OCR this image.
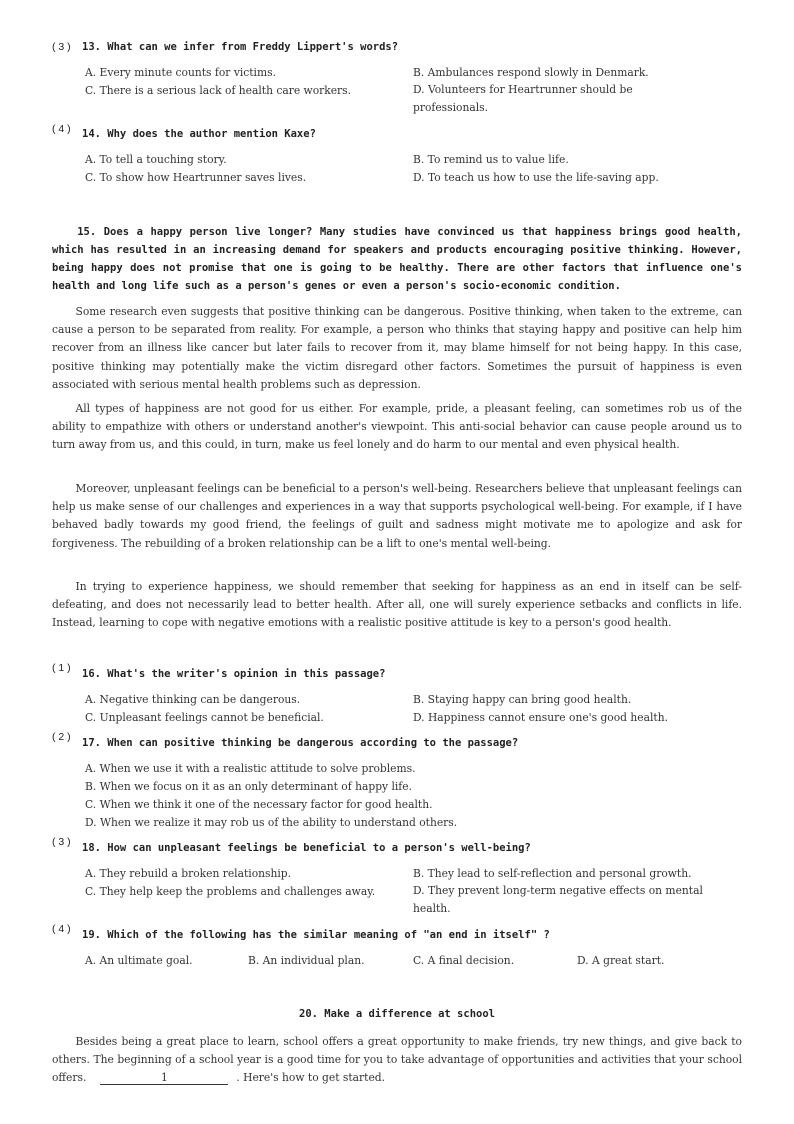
( 3 ) 13. What can we infer from Freddy Lippert's words?
A. Every minute counts for victims.	B. Ambulances respond slowly in Denmark.
C. There is a serious lack of health care workers.	D. Volunteers for Heartrunner should be professionals.
( 4 ) 14. Why does the author mention Kaxe?
A. To tell a touching story.	B. To remind us to value life.
C. To show how Heartrunner saves lives.	D. To teach us how to use the life-saving app.
15. Does a happy person live longer? Many studies have convinced us that happiness brings good health, which has resulted in an increasing demand for speakers and products encouraging positive thinking. However, being happy does not promise that one is going to be healthy. There are other factors that influence one's health and long life such as a person's genes or even a person's socio-economic condition.
Some research even suggests that positive thinking can be dangerous. Positive thinking, when taken to the extreme, can cause a person to be separated from reality. For example, a person who thinks that staying happy and positive can help him recover from an illness like cancer but later fails to recover from it, may blame himself for not being happy. In this case, positive thinking may potentially make the victim disregard other factors. Sometimes the pursuit of happiness is even associated with serious mental health problems such as depression.
All types of happiness are not good for us either. For example, pride, a pleasant feeling, can sometimes rob us of the ability to empathize with others or understand another's viewpoint. This anti-social behavior can cause people around us to turn away from us, and this could, in turn, make us feel lonely and do harm to our mental and even physical health.
Moreover, unpleasant feelings can be beneficial to a person's well-being. Researchers believe that unpleasant feelings can help us make sense of our challenges and experiences in a way that supports psychological well-being. For example, if I have behaved badly towards my good friend, the feelings of guilt and sadness might motivate me to apologize and ask for forgiveness. The rebuilding of a broken relationship can be a lift to one's mental well-being.
In trying to experience happiness, we should remember that seeking for happiness as an end in itself can be self-defeating, and does not necessarily lead to better health. After all, one will surely experience setbacks and conflicts in life. Instead, learning to cope with negative emotions with a realistic positive attitude is key to a person's good health.
( 1 ) 16. What's the writer's opinion in this passage?
A. Negative thinking can be dangerous.	B. Staying happy can bring good health.
C. Unpleasant feelings cannot be beneficial.	D. Happiness cannot ensure one's good health.
( 2 ) 17. When can positive thinking be dangerous according to the passage?
A. When we use it with a realistic attitude to solve problems.
B. When we focus on it as an only determinant of happy life.
C. When we think it one of the necessary factor for good health.
D. When we realize it may rob us of the ability to understand others.
( 3 ) 18. How can unpleasant feelings be beneficial to a person's well-being?
A. They rebuild a broken relationship.	B. They lead to self-reflection and personal growth.
C. They help keep the problems and challenges away.	D. They prevent long-term negative effects on mental health.
( 4 ) 19. Which of the following has the similar meaning of "an end in itself" ?
A. An ultimate goal.	B. An individual plan.	C. A final decision.	D. A great start.
20. Make a difference at school
Besides being a great place to learn, school offers a great opportunity to make friends, try new things, and give back to others. The beginning of a school year is a good time for you to take advantage of opportunities and activities that your school offers.	1	. Here's how to get started.
